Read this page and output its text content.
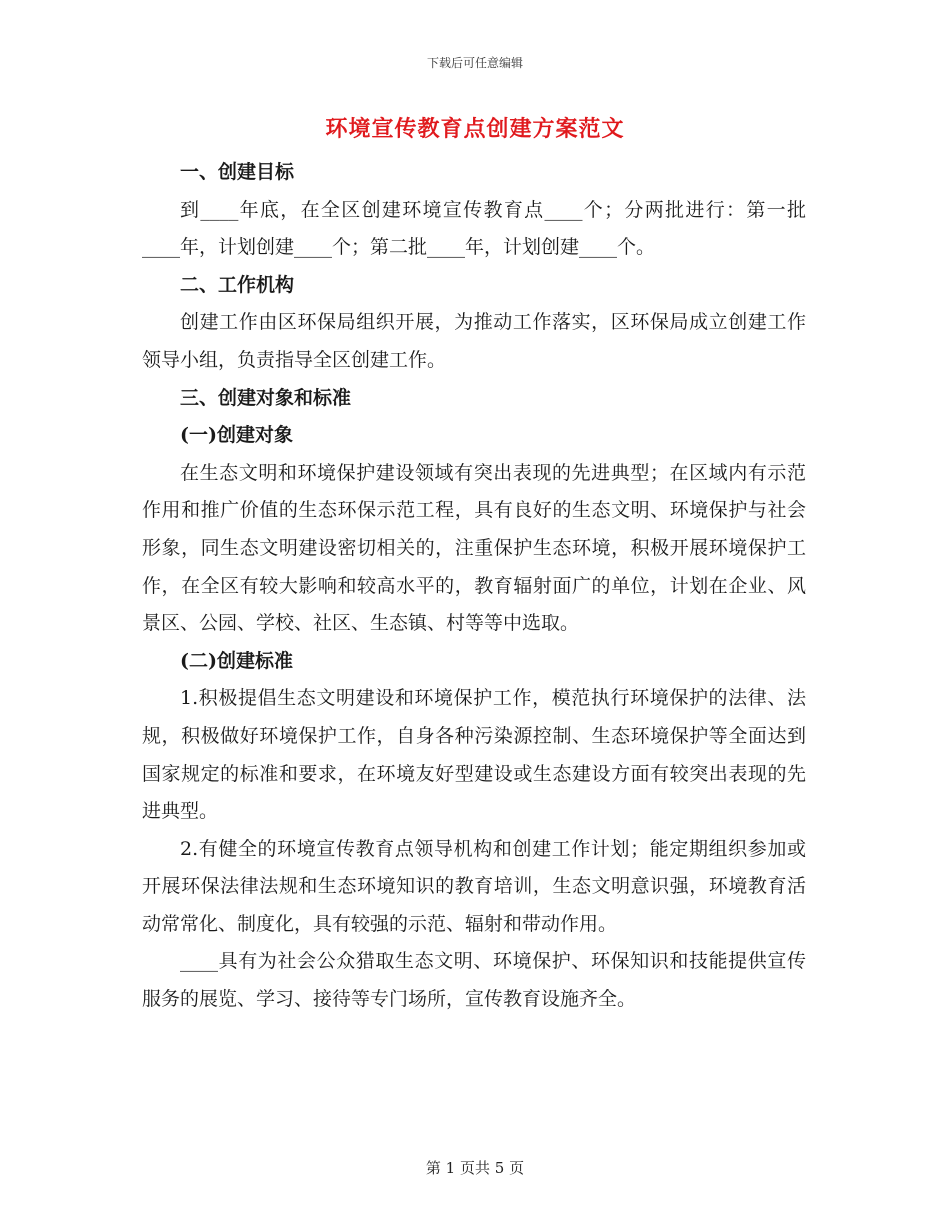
下载后可任意编辑
环境宣传教育点创建方案范文

一、创建目标

到____年底，在全区创建环境宣传教育点____个；分两批进行：第一批____年，计划创建____个；第二批____年，计划创建____个。

二、工作机构

创建工作由区环保局组织开展，为推动工作落实，区环保局成立创建工作领导小组，负责指导全区创建工作。

三、创建对象和标准

(一)创建对象

在生态文明和环境保护建设领域有突出表现的先进典型；在区域内有示范作用和推广价值的生态环保示范工程，具有良好的生态文明、环境保护与社会形象，同生态文明建设密切相关的，注重保护生态环境，积极开展环境保护工作，在全区有较大影响和较高水平的，教育辐射面广的单位，计划在企业、风景区、公园、学校、社区、生态镇、村等等中选取。

(二)创建标准

1.积极提倡生态文明建设和环境保护工作，模范执行环境保护的法律、法规，积极做好环境保护工作，自身各种污染源控制、生态环境保护等全面达到国家规定的标准和要求，在环境友好型建设或生态建设方面有较突出表现的先进典型。

2.有健全的环境宣传教育点领导机构和创建工作计划；能定期组织参加或开展环保法律法规和生态环境知识的教育培训，生态文明意识强，环境教育活动常常化、制度化，具有较强的示范、辐射和带动作用。

____具有为社会公众猎取生态文明、环境保护、环保知识和技能提供宣传服务的展览、学习、接待等专门场所，宣传教育设施齐全。

第 1 页共 5 页
